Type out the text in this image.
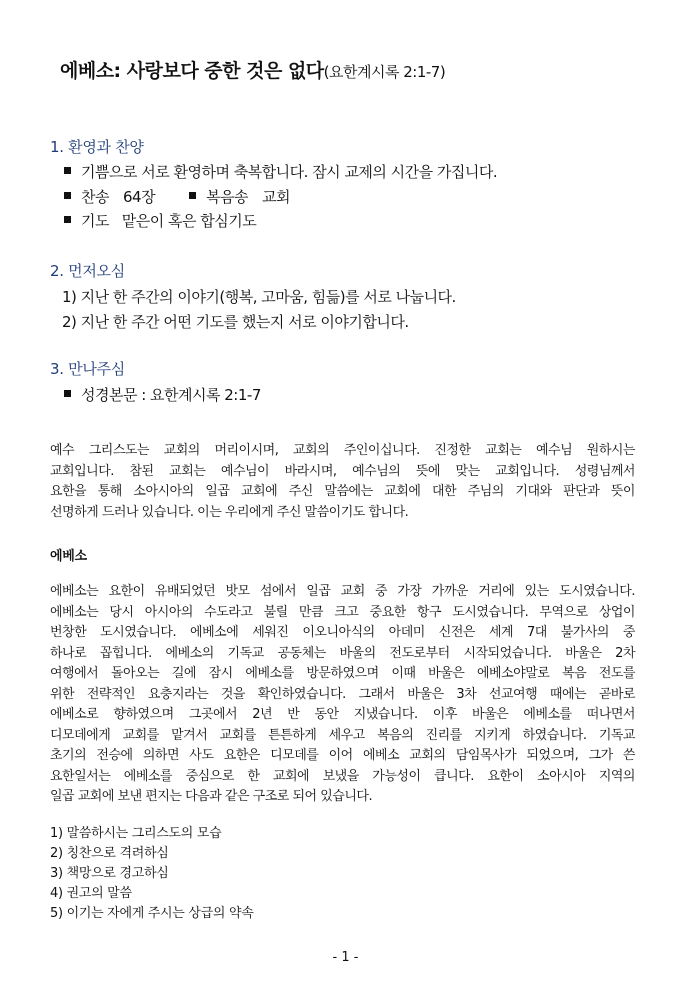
에베소: 사랑보다 중한 것은 없다(요한계시록 2:1-7)
1. 환영과 찬양
기쁨으로 서로 환영하며 축복합니다. 잠시 교제의 시간을 가집니다.
찬송 64장	복음송 교회
기도   맡은이 혹은 합심기도
2. 먼저오심
1) 지난 한 주간의 이야기(행복, 고마움, 힘듦)를 서로 나눕니다.
2) 지난 한 주간 어떤 기도를 했는지 서로 이야기합니다.
3. 만나주심
성경본문 : 요한계시록 2:1-7
예수 그리스도는 교회의 머리이시며, 교회의 주인이십니다. 진정한 교회는 예수님 원하시는
교회입니다. 참된 교회는 예수님이 바라시며, 예수님의 뜻에 맞는 교회입니다. 성령님께서
요한을 통해 소아시아의 일곱 교회에 주신 말씀에는 교회에 대한 주님의 기대와 판단과 뜻이
선명하게 드러나 있습니다. 이는 우리에게 주신 말씀이기도 합니다.
에베소
에베소는 요한이 유배되었던 밧모 섬에서 일곱 교회 중 가장 가까운 거리에 있는 도시였습니다.
에베소는 당시 아시아의 수도라고 불릴 만큼 크고 중요한 항구 도시였습니다. 무역으로 상업이
번창한 도시였습니다. 에베소에 세워진 이오니아식의 아데미 신전은 세계 7대 불가사의 중
하나로 꼽힙니다. 에베소의 기독교 공동체는 바울의 전도로부터 시작되었습니다. 바울은 2차
여행에서 돌아오는 길에 잠시 에베소를 방문하였으며 이때 바울은 에베소야말로 복음 전도를
위한 전략적인 요충지라는 것을 확인하였습니다. 그래서 바울은 3차 선교여행 때에는 곧바로
에베소로 향하였으며 그곳에서 2년 반 동안 지냈습니다. 이후 바울은 에베소를 떠나면서
디모데에게 교회를 맡겨서 교회를 튼튼하게 세우고 복음의 진리를 지키게 하였습니다. 기독교
초기의 전승에 의하면 사도 요한은 디모데를 이어 에베소 교회의 담임목사가 되었으며, 그가 쓴
요한일서는 에베소를 중심으로 한 교회에 보냈을 가능성이 큽니다. 요한이 소아시아 지역의
일곱 교회에 보낸 편지는 다음과 같은 구조로 되어 있습니다.
1) 말씀하시는 그리스도의 모습
2) 칭찬으로 격려하심
3) 책망으로 경고하심
4) 권고의 말씀
5) 이기는 자에게 주시는 상급의 약속
- 1 -
